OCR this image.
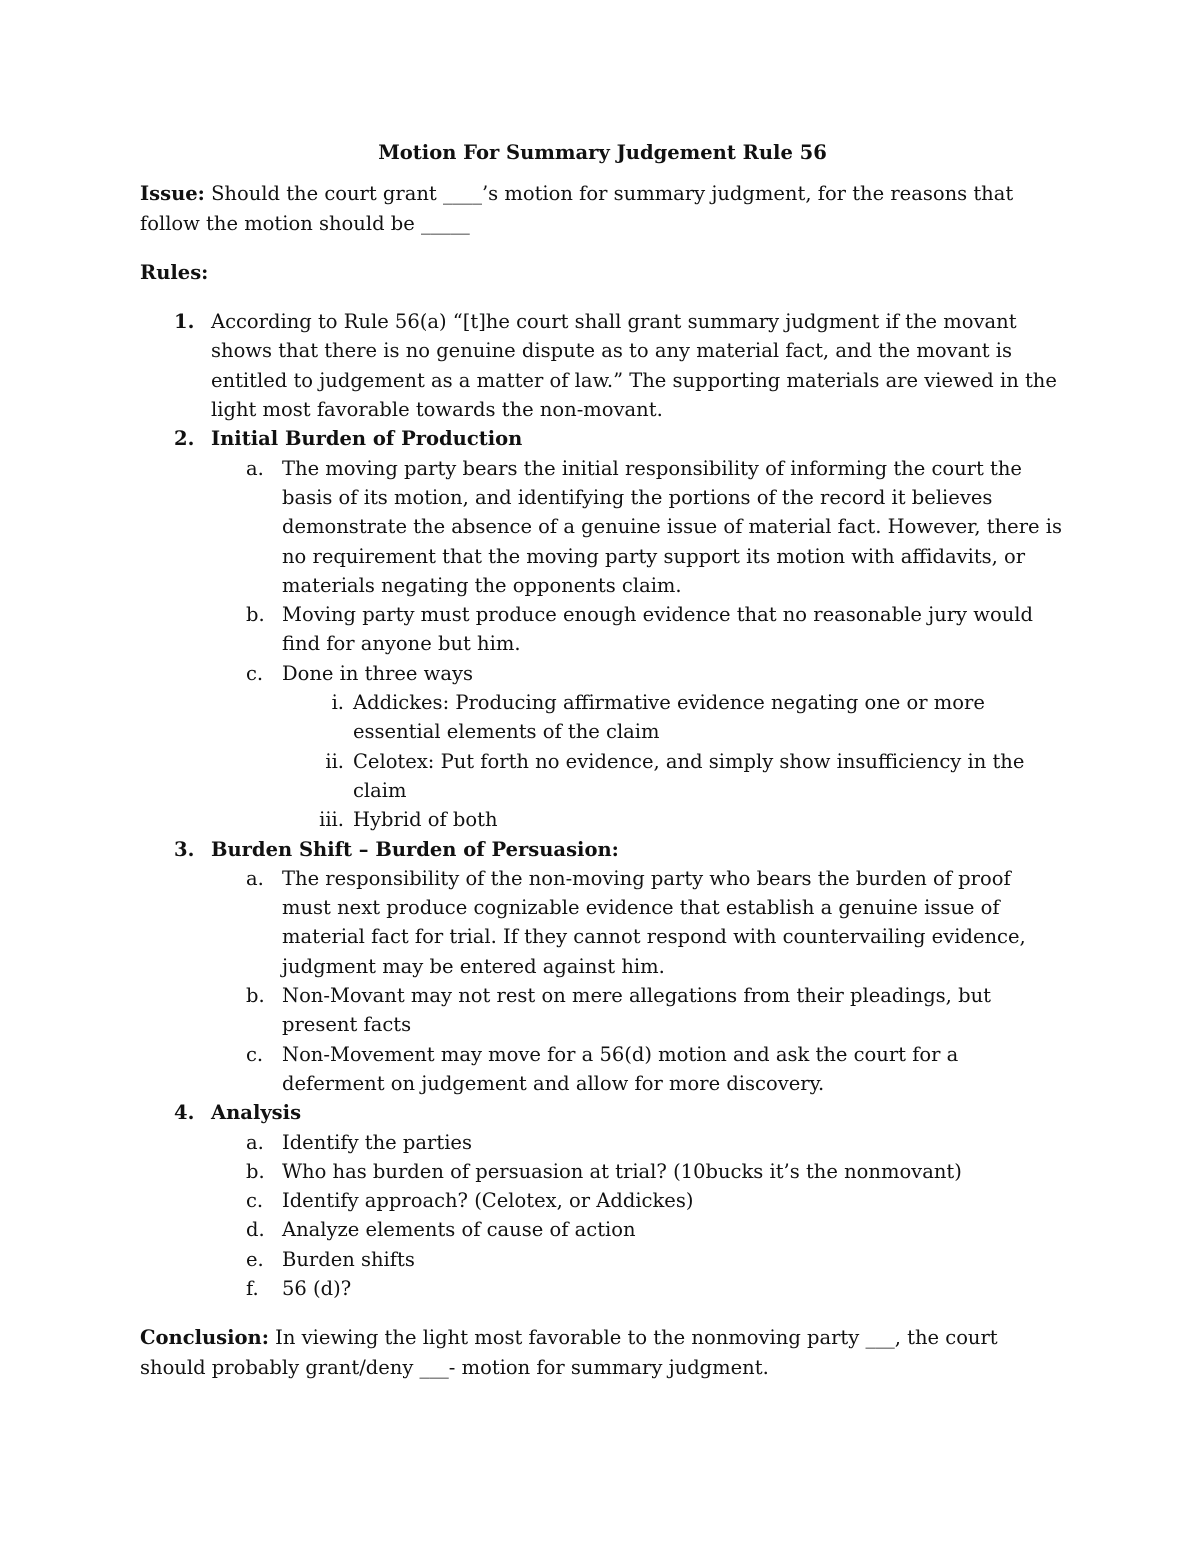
Motion For Summary Judgement Rule 56

Issue: Should the court grant ____’s motion for summary judgment, for the reasons that follow the motion should be _____

Rules:

1. According to Rule 56(a) “[t]he court shall grant summary judgment if the movant shows that there is no genuine dispute as to any material fact, and the movant is entitled to judgement as a matter of law.” The supporting materials are viewed in the light most favorable towards the non-movant.
2. Initial Burden of Production
a. The moving party bears the initial responsibility of informing the court the basis of its motion, and identifying the portions of the record it believes demonstrate the absence of a genuine issue of material fact. However, there is no requirement that the moving party support its motion with affidavits, or materials negating the opponents claim.
b. Moving party must produce enough evidence that no reasonable jury would find for anyone but him.
c. Done in three ways
i. Addickes: Producing affirmative evidence negating one or more essential elements of the claim
ii. Celotex: Put forth no evidence, and simply show insufficiency in the claim
iii. Hybrid of both
3. Burden Shift – Burden of Persuasion:
a. The responsibility of the non-moving party who bears the burden of proof must next produce cognizable evidence that establish a genuine issue of material fact for trial. If they cannot respond with countervailing evidence, judgment may be entered against him.
b. Non-Movant may not rest on mere allegations from their pleadings, but present facts
c. Non-Movement may move for a 56(d) motion and ask the court for a deferment on judgement and allow for more discovery.
4. Analysis
a. Identify the parties
b. Who has burden of persuasion at trial? (10bucks it’s the nonmovant)
c. Identify approach? (Celotex, or Addickes)
d. Analyze elements of cause of action
e. Burden shifts
f. 56 (d)?

Conclusion: In viewing the light most favorable to the nonmoving party ___, the court should probably grant/deny ___- motion for summary judgment.
